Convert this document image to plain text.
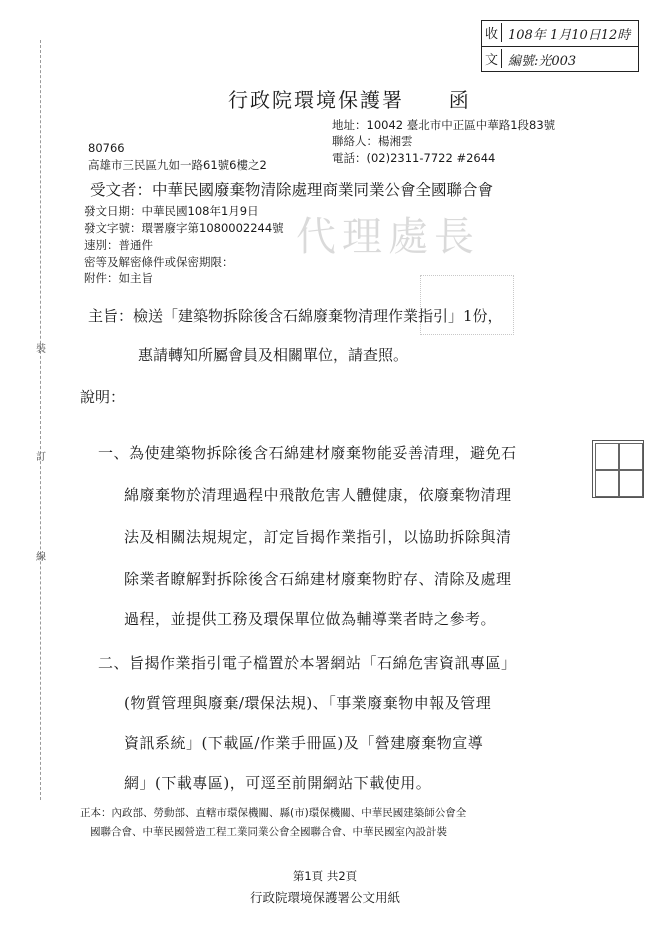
裝
訂
線
收 108年 1月10日12時
文 編號:光003
行政院環境保護署 函
地址：10042 臺北市中正區中華路1段83號
聯絡人：楊湘雲
電話：(02)2311-7722 #2644
80766
高雄市三民區九如一路61號6樓之2
受文者：中華民國廢棄物清除處理商業同業公會全國聯合會
代理處長
發文日期：中華民國108年1月9日
發文字號：環署廢字第1080002244號
速別：普通件
密等及解密條件或保密期限：
附件：如主旨
主旨：檢送「建築物拆除後含石綿廢棄物清理作業指引」1份，
惠請轉知所屬會員及相關單位，請查照。
說明：
一、為使建築物拆除後含石綿建材廢棄物能妥善清理，避免石
綿廢棄物於清理過程中飛散危害人體健康，依廢棄物清理
法及相關法規規定，訂定旨揭作業指引，以協助拆除與清
除業者瞭解對拆除後含石綿建材廢棄物貯存、清除及處理
過程，並提供工務及環保單位做為輔導業者時之參考。
二、旨揭作業指引電子檔置於本署網站「石綿危害資訊專區」
(物質管理與廢棄/環保法規)、「事業廢棄物申報及管理
資訊系統」(下載區/作業手冊區)及「營建廢棄物宣導
網」(下載專區)，可逕至前開網站下載使用。
正本：內政部、勞動部、直轄市環保機關、縣(市)環保機關、中華民國建築師公會全
國聯合會、中華民國營造工程工業同業公會全國聯合會、中華民國室內設計裝
第1頁 共2頁
行政院環境保護署公文用紙
